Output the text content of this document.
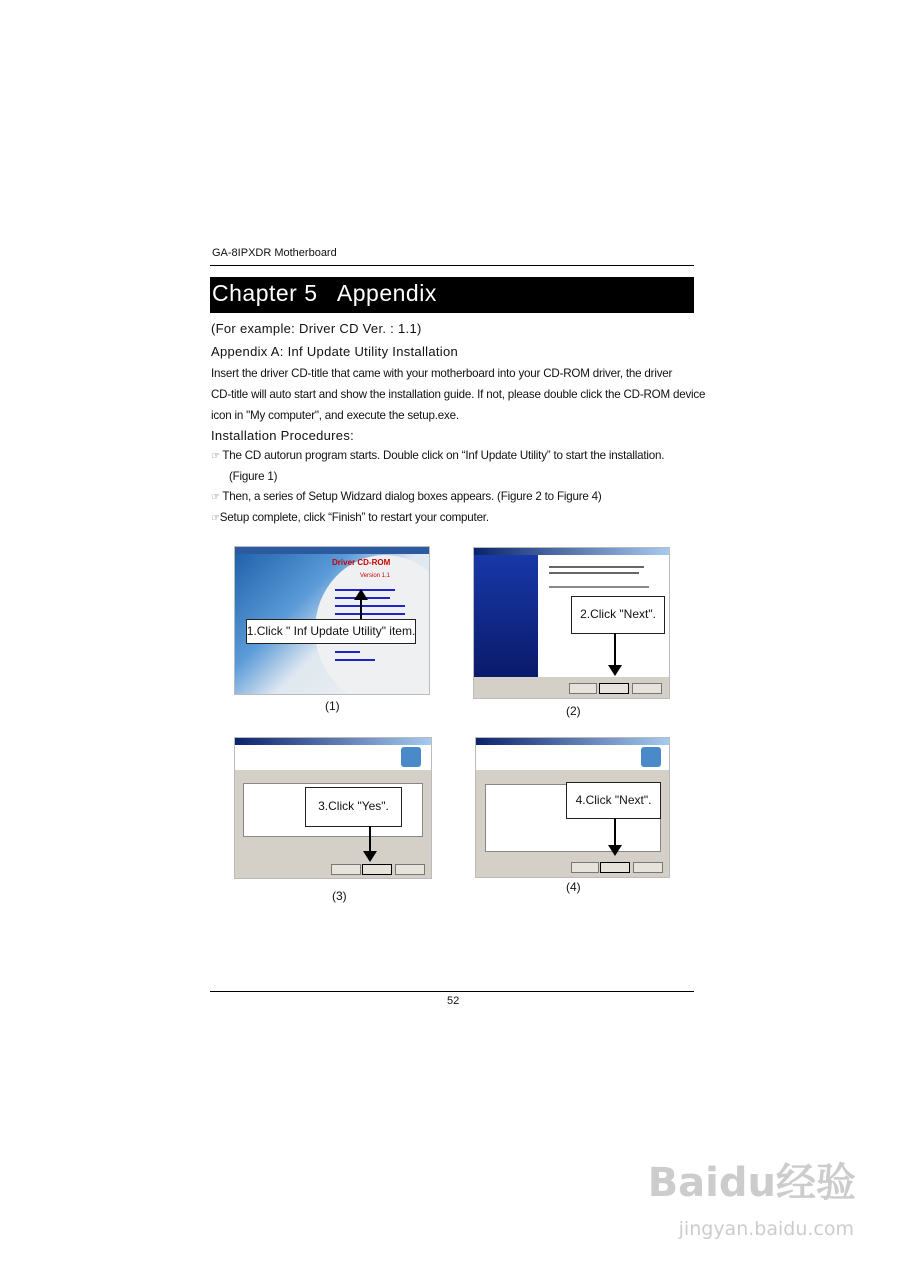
GA-8IPXDR Motherboard
Chapter 5   Appendix
(For example: Driver CD Ver. : 1.1)
Appendix A: Inf Update Utility Installation
Insert the driver CD-title that came with your motherboard into your CD-ROM driver, the driver
CD-title will auto start and show the installation guide. If not, please double click the CD-ROM device
icon in "My computer", and execute the setup.exe.
Installation Procedures:
☞ The CD autorun program starts. Double click on “Inf Update Utility” to start the installation.
(Figure 1)
☞ Then, a series of Setup Widzard dialog boxes appears. (Figure 2 to Figure 4)
☞Setup complete, click “Finish” to restart your computer.
Driver CD-ROM
Version 1.1
1.Click " Inf Update Utility" item.
(1)
2.Click "Next".
(2)
3.Click "Yes".
(3)
4.Click "Next".
(4)
52
Baidu经验
jingyan.baidu.com
